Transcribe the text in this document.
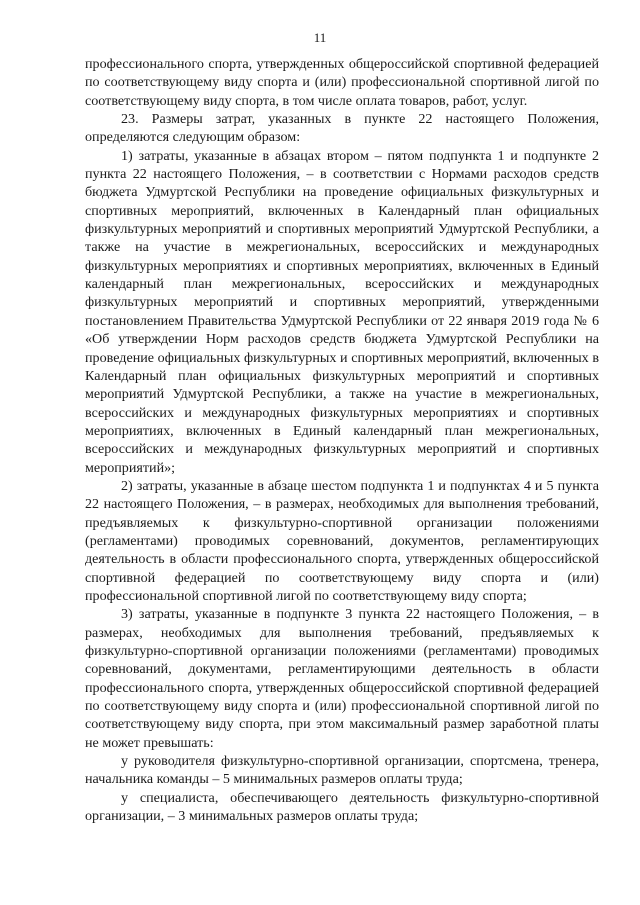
11

профессионального спорта, утвержденных общероссийской спортивной федерацией по соответствующему виду спорта и (или) профессиональной спортивной лигой по соответствующему виду спорта, в том числе оплата товаров, работ, услуг.

23. Размеры затрат, указанных в пункте 22 настоящего Положения, определяются следующим образом:

1) затраты, указанные в абзацах втором – пятом подпункта 1 и подпункте 2 пункта 22 настоящего Положения, – в соответствии с Нормами расходов средств бюджета Удмуртской Республики на проведение официальных физкультурных и спортивных мероприятий, включенных в Календарный план официальных физкультурных мероприятий и спортивных мероприятий Удмуртской Республики, а также на участие в межрегиональных, всероссийских и международных физкультурных мероприятиях и спортивных мероприятиях, включенных в Единый календарный план межрегиональных, всероссийских и международных физкультурных мероприятий и спортивных мероприятий, утвержденными постановлением Правительства Удмуртской Республики от 22 января 2019 года № 6 «Об утверждении Норм расходов средств бюджета Удмуртской Республики на проведение официальных физкультурных и спортивных мероприятий, включенных в Календарный план официальных физкультурных мероприятий и спортивных мероприятий Удмуртской Республики, а также на участие в межрегиональных, всероссийских и международных физкультурных мероприятиях и спортивных мероприятиях, включенных в Единый календарный план межрегиональных, всероссийских и международных физкультурных мероприятий и спортивных мероприятий»;

2) затраты, указанные в абзаце шестом подпункта 1 и подпунктах 4 и 5 пункта 22 настоящего Положения, – в размерах, необходимых для выполнения требований, предъявляемых к физкультурно-спортивной организации положениями (регламентами) проводимых соревнований, документов, регламентирующих деятельность в области профессионального спорта, утвержденных общероссийской спортивной федерацией по соответствующему виду спорта и (или) профессиональной спортивной лигой по соответствующему виду спорта;

3) затраты, указанные в подпункте 3 пункта 22 настоящего Положения, – в размерах, необходимых для выполнения требований, предъявляемых к физкультурно-спортивной организации положениями (регламентами) проводимых соревнований, документами, регламентирующими деятельность в области профессионального спорта, утвержденных общероссийской спортивной федерацией по соответствующему виду спорта и (или) профессиональной спортивной лигой по соответствующему виду спорта, при этом максимальный размер заработной платы не может превышать:

у руководителя физкультурно-спортивной организации, спортсмена, тренера, начальника команды – 5 минимальных размеров оплаты труда;

у специалиста, обеспечивающего деятельность физкультурно-спортивной организации, – 3 минимальных размеров оплаты труда;
